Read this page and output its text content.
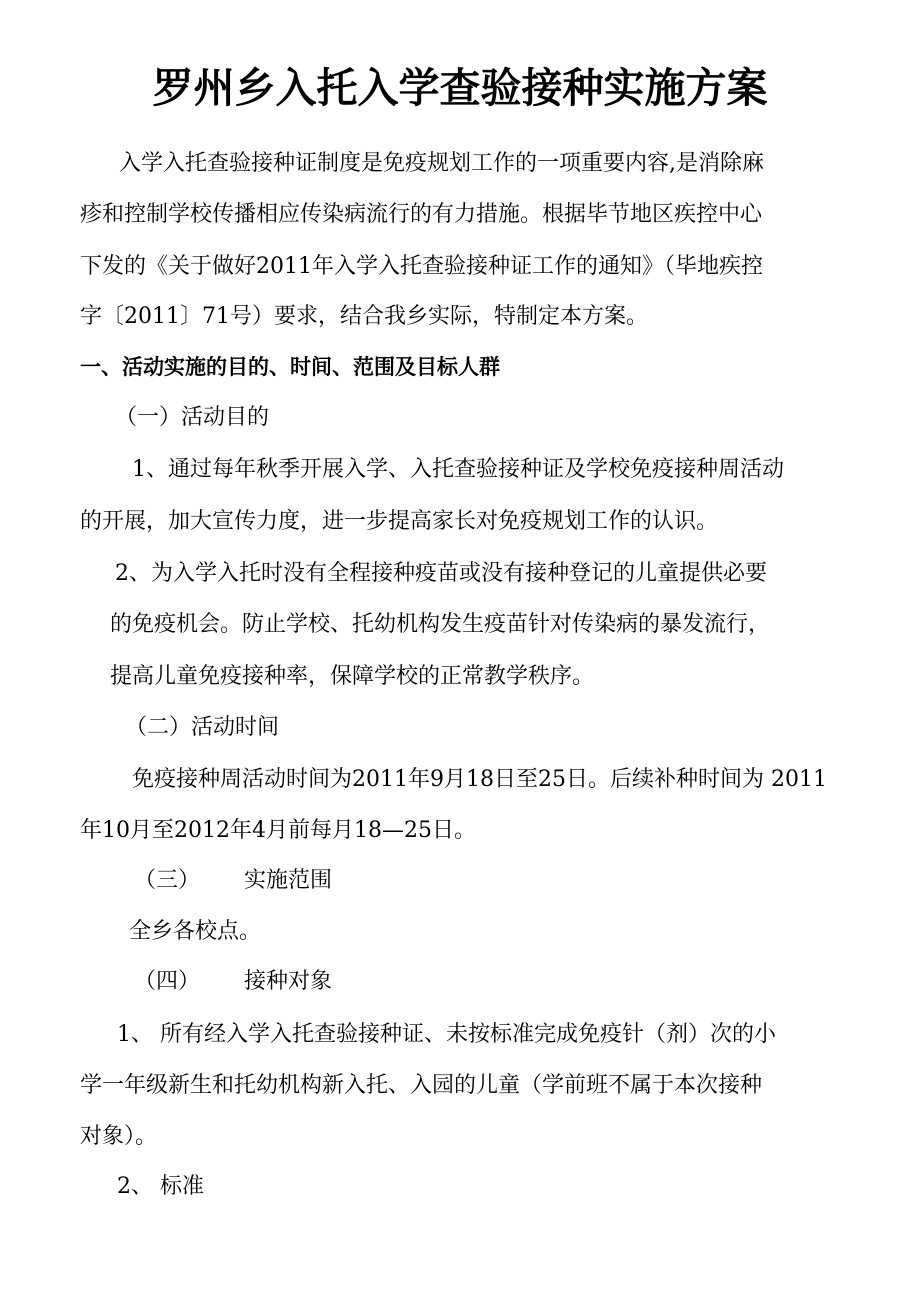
罗州乡入托入学查验接种实施方案
入学入托查验接种证制度是免疫规划工作的一项重要内容,是消除麻
疹和控制学校传播相应传染病流行的有力措施。根据毕节地区疾控中心
下发的《关于做好2011年入学入托查验接种证工作的通知》（毕地疾控
字〔2011〕71号）要求，结合我乡实际，特制定本方案。
一、活动实施的目的、时间、范围及目标人群
（一）活动目的
1、通过每年秋季开展入学、入托查验接种证及学校免疫接种周活动
的开展，加大宣传力度，进一步提高家长对免疫规划工作的认识。
2、为入学入托时没有全程接种疫苗或没有接种登记的儿童提供必要
的免疫机会。防止学校、托幼机构发生疫苗针对传染病的暴发流行，
提高儿童免疫接种率，保障学校的正常教学秩序。
（二）活动时间
免疫接种周活动时间为2011年9月18日至25日。后续补种时间为 2011
年10月至2012年4月前每月18—25日。
（三） 实施范围
全乡各校点。
（四） 接种对象
1、 所有经入学入托查验接种证、未按标准完成免疫针（剂）次的小
学一年级新生和托幼机构新入托、入园的儿童（学前班不属于本次接种
对象）。
2、 标准
